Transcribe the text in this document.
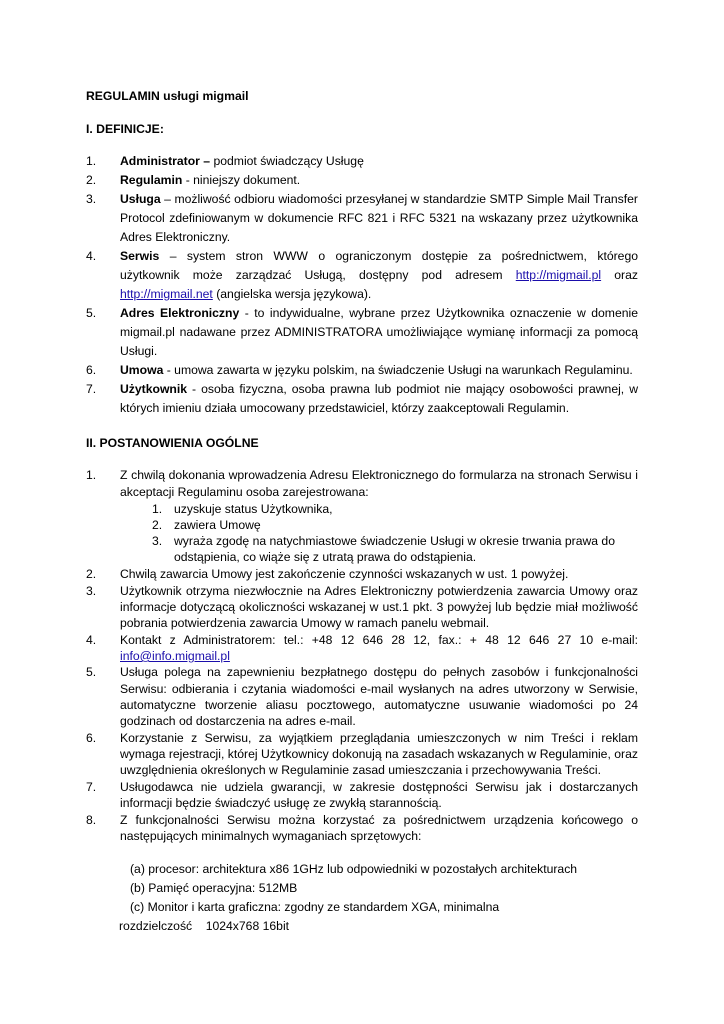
REGULAMIN usługi migmail
I. DEFINICJE:
1. Administrator – podmiot świadczący Usługę
2. Regulamin - niniejszy dokument.
3. Usługa – możliwość odbioru wiadomości przesyłanej w standardzie SMTP Simple Mail Transfer
Protocol zdefiniowanym w dokumencie RFC 821 i RFC 5321 na wskazany przez użytkownika
Adres Elektroniczny.
4. Serwis – system stron WWW o ograniczonym dostępie za pośrednictwem, którego
użytkownik może zarządzać Usługą, dostępny pod adresem http://migmail.pl oraz
http://migmail.net (angielska wersja językowa).
5. Adres Elektroniczny - to indywidualne, wybrane przez Użytkownika oznaczenie w domenie
migmail.pl nadawane przez ADMINISTRATORA umożliwiające wymianę informacji za pomocą
Usługi.
6. Umowa - umowa zawarta w języku polskim, na świadczenie Usługi na warunkach Regulaminu.
7. Użytkownik - osoba fizyczna, osoba prawna lub podmiot nie mający osobowości prawnej, w
których imieniu działa umocowany przedstawiciel, którzy zaakceptowali Regulamin.
II. POSTANOWIENIA OGÓLNE
1. Z chwilą dokonania wprowadzenia Adresu Elektronicznego do formularza na stronach Serwisu i
akceptacji Regulaminu osoba zarejestrowana:
1. uzyskuje status Użytkownika,
2. zawiera Umowę
3. wyraża zgodę na natychmiastowe świadczenie Usługi w okresie trwania prawa do
odstąpienia, co wiąże się z utratą prawa do odstąpienia.
2. Chwilą zawarcia Umowy jest zakończenie czynności wskazanych w ust. 1 powyżej.
3. Użytkownik otrzyma niezwłocznie na Adres Elektroniczny potwierdzenia zawarcia Umowy oraz
informacje dotyczącą okoliczności wskazanej w ust.1 pkt. 3 powyżej lub będzie miał możliwość
pobrania potwierdzenia zawarcia Umowy w ramach panelu webmail.
4. Kontakt z Administratorem: tel.: +48 12 646 28 12, fax.: + 48 12 646 27 10 e-mail:
info@info.migmail.pl
5. Usługa polega na zapewnieniu bezpłatnego dostępu do pełnych zasobów i funkcjonalności
Serwisu: odbierania i czytania wiadomości e-mail wysłanych na adres utworzony w Serwisie,
automatyczne tworzenie aliasu pocztowego, automatyczne usuwanie wiadomości po 24
godzinach od dostarczenia na adres e-mail.
6. Korzystanie z Serwisu, za wyjątkiem przeglądania umieszczonych w nim Treści i reklam
wymaga rejestracji, której Użytkownicy dokonują na zasadach wskazanych w Regulaminie, oraz
uwzględnienia określonych w Regulaminie zasad umieszczania i przechowywania Treści.
7. Usługodawca nie udziela gwarancji, w zakresie dostępności Serwisu jak i dostarczanych
informacji będzie świadczyć usługę ze zwykłą starannością.
8. Z funkcjonalności Serwisu można korzystać za pośrednictwem urządzenia końcowego o
następujących minimalnych wymaganiach sprzętowych:
(a) procesor: architektura x86 1GHz lub odpowiedniki w pozostałych architekturach
(b) Pamięć operacyjna: 512MB
(c) Monitor i karta graficzna: zgodny ze standardem XGA, minimalna
rozdzielczość    1024x768 16bit
